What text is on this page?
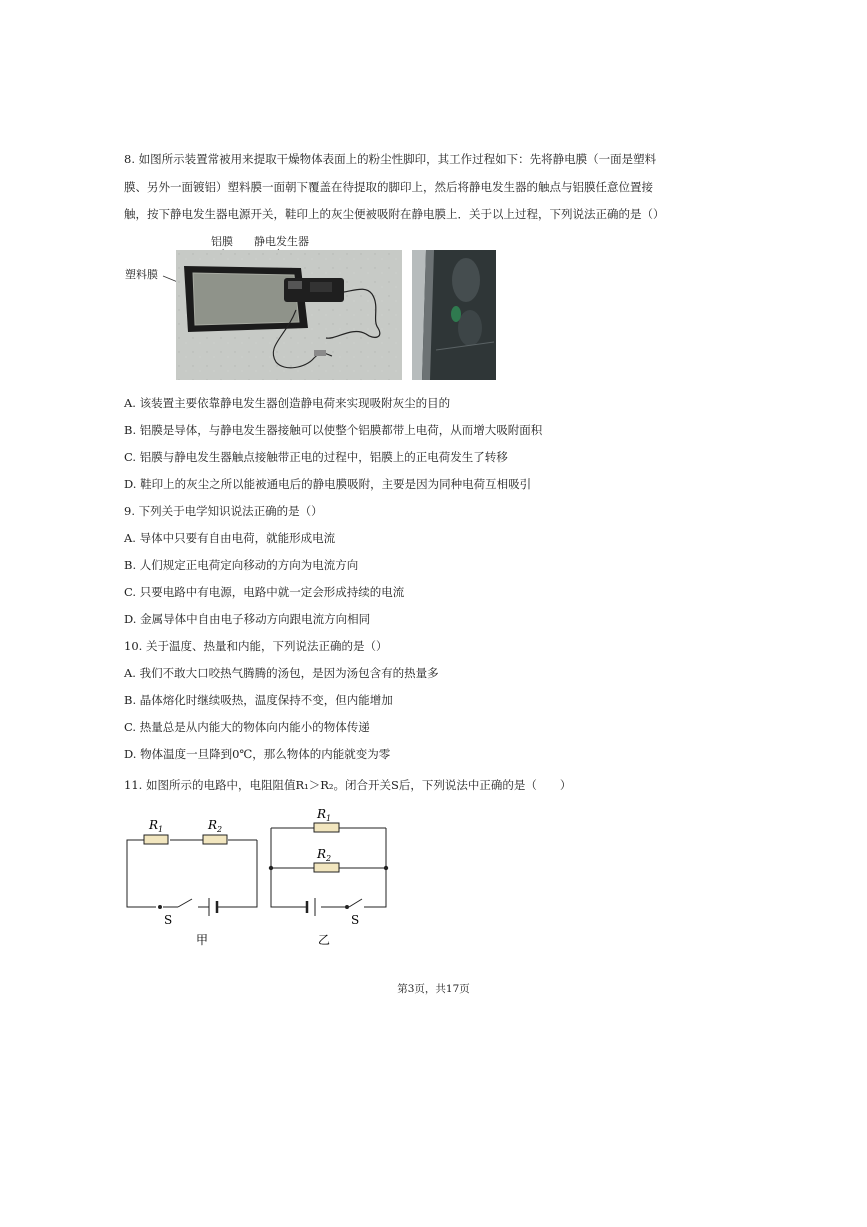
8. 如图所示装置常被用来提取干燥物体表面上的粉尘性脚印，其工作过程如下：先将静电膜（一面是塑料
膜、另外一面镀铝）塑料膜一面朝下覆盖在待提取的脚印上，然后将静电发生器的触点与铝膜任意位置接
触，按下静电发生器电源开关，鞋印上的灰尘便被吸附在静电膜上．关于以上过程，下列说法正确的是（）
铝膜 静电发生器
塑料膜
A. 该装置主要依靠静电发生器创造静电荷来实现吸附灰尘的目的
B. 铝膜是导体，与静电发生器接触可以使整个铝膜都带上电荷，从而增大吸附面积
C. 铝膜与静电发生器触点接触带正电的过程中，铝膜上的正电荷发生了转移
D. 鞋印上的灰尘之所以能被通电后的静电膜吸附，主要是因为同种电荷互相吸引
9. 下列关于电学知识说法正确的是（）
A. 导体中只要有自由电荷，就能形成电流
B. 人们规定正电荷定向移动的方向为电流方向
C. 只要电路中有电源，电路中就一定会形成持续的电流
D. 金属导体中自由电子移动方向跟电流方向相同
10. 关于温度、热量和内能，下列说法正确的是（）
A. 我们不敢大口咬热气腾腾的汤包，是因为汤包含有的热量多
B. 晶体熔化时继续吸热，温度保持不变，但内能增加
C. 热量总是从内能大的物体向内能小的物体传递
D. 物体温度一旦降到0℃，那么物体的内能就变为零
11. 如图所示的电路中，电阻阻值R₁＞R₂。闭合开关S后，下列说法中正确的是（　　）
$R_1$	$R_2$
S
甲
$R_1$
$R_2$
S
乙
第3页，共17页
